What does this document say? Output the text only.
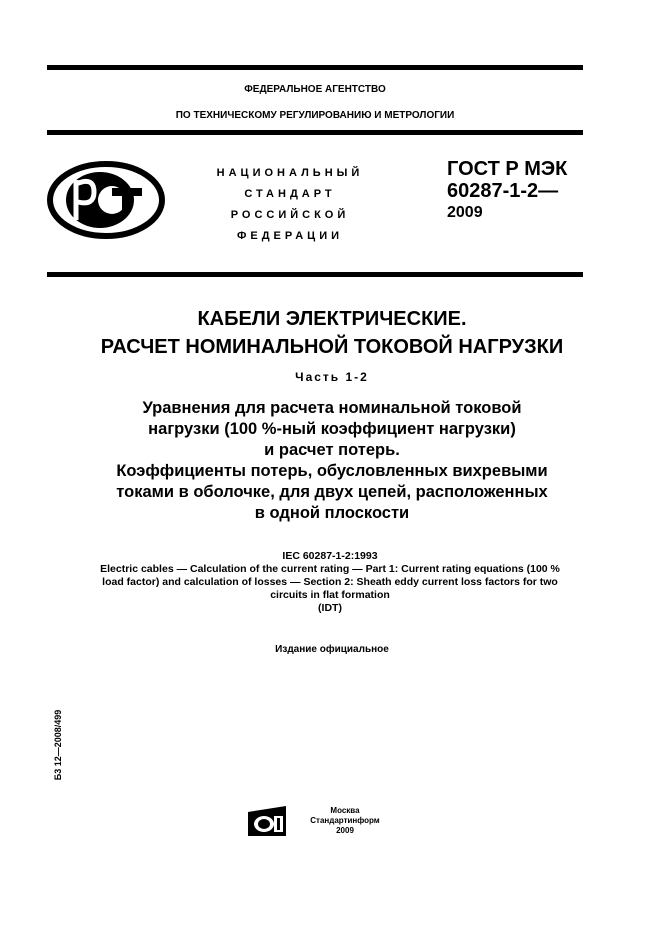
ФЕДЕРАЛЬНОЕ АГЕНТСТВО
ПО ТЕХНИЧЕСКОМУ РЕГУЛИРОВАНИЮ И МЕТРОЛОГИИ
НАЦИОНАЛЬНЫЙ
СТАНДАРТ
РОССИЙСКОЙ
ФЕДЕРАЦИИ
ГОСТ Р МЭК
60287-1-2—
2009
КАБЕЛИ ЭЛЕКТРИЧЕСКИЕ.
РАСЧЕТ НОМИНАЛЬНОЙ ТОКОВОЙ НАГРУЗКИ
Часть 1-2
Уравнения для расчета номинальной токовой
нагрузки (100 %-ный коэффициент нагрузки)
и расчет потерь.
Коэффициенты потерь, обусловленных вихревыми
токами в оболочке, для двух цепей, расположенных
в одной плоскости
IEC 60287-1-2:1993
Electric cables — Calculation of the current rating — Part 1: Current rating equations (100 %
load factor) and calculation of losses — Section 2: Sheath eddy current loss factors for two
circuits in flat formation
(IDT)
Издание официальное
Б3 12—2008/499
Москва
Стандартинформ
2009
